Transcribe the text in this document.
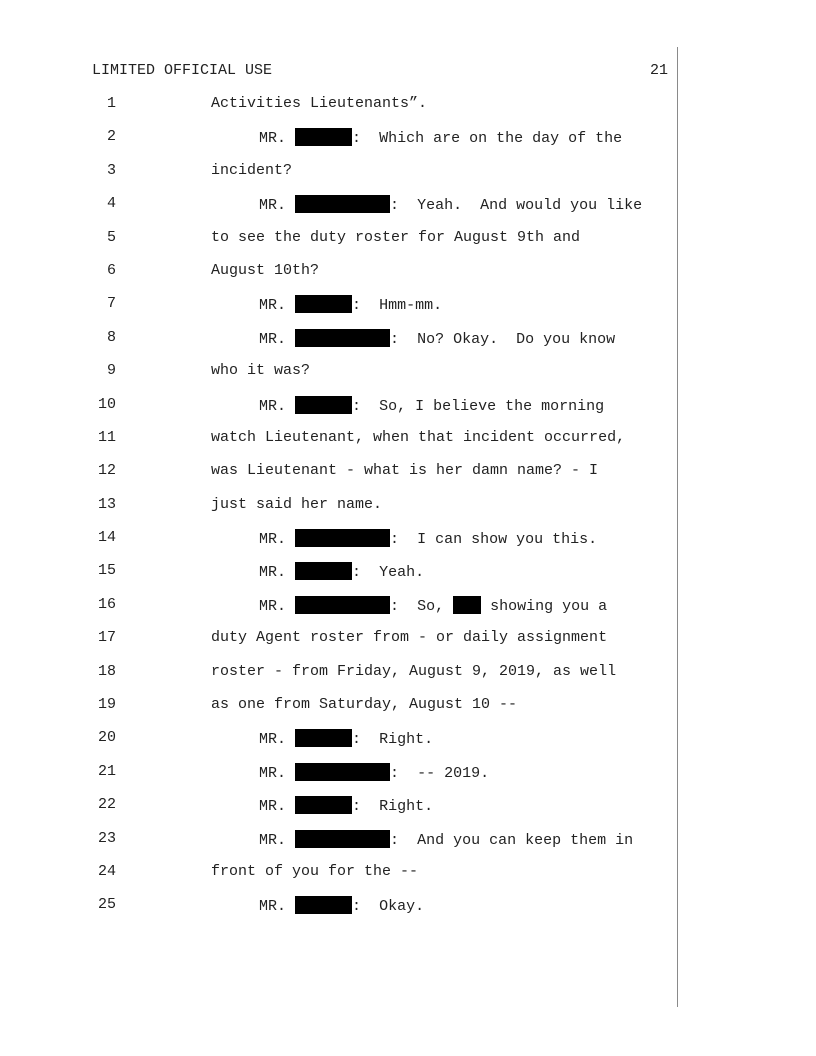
LIMITED OFFICIAL USE	21

1

	Activities Lieutenants”.

2

	MR.	: Which are on the day of the

3

	incident?

4

	MR.	: Yeah.  And would you like

5

	to see the duty roster for August 9th and

6

	August 10th?

7

	MR.	: Hmm-mm.

8

	MR.	: No? Okay.  Do you know

9

	who it was?

10

	MR.	: So, I believe the morning

11

	watch Lieutenant, when that incident occurred,

12

	was Lieutenant - what is her damn name? - I

13

	just said her name.

14

	MR.	: I can show you this.

15

	MR.	: Yeah.

16

	MR.	: So,	showing you a

17

	duty Agent roster from - or daily assignment

18

	roster - from Friday, August 9, 2019, as well

19

	as one from Saturday, August 10 --

20

	MR.	: Right.

21

	MR.	: -- 2019.

22

	MR.	: Right.

23

	MR.	: And you can keep them in

24

	front of you for the --

25

	MR.	: Okay.
